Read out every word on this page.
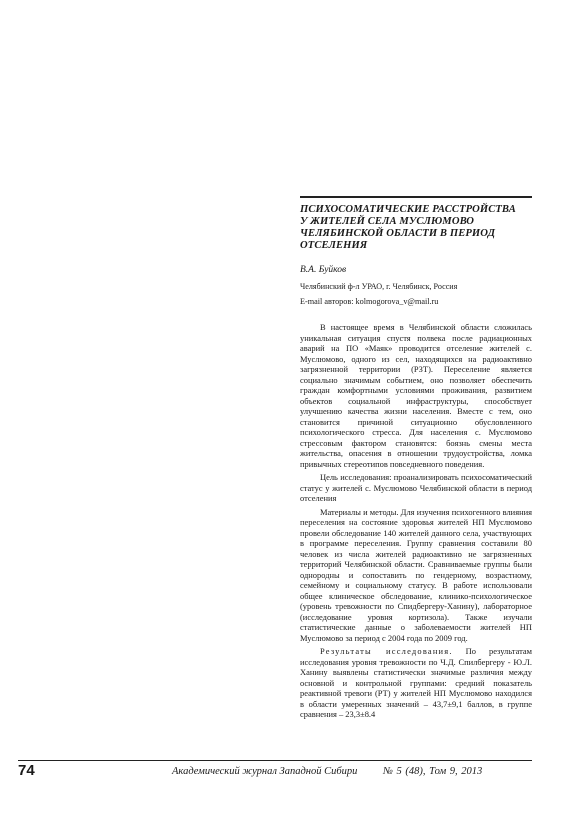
ПСИХОСОМАТИЧЕСКИЕ РАССТРОЙСТВА
У ЖИТЕЛЕЙ СЕЛА МУСЛЮМОВО
ЧЕЛЯБИНСКОЙ ОБЛАСТИ В ПЕРИОД
ОТСЕЛЕНИЯ
В.А. Буйков
Челябинский ф-л УРАО, г. Челябинск, Россия
E-mail авторов: kolmogorova_v@mail.ru

В настоящее время в Челябинской области сложилась уникальная ситуация спустя полвека после радиационных аварий на ПО «Маяк» проводится отселение жителей с. Муслюмово, одного из сел, находящихся на радиоактивно загрязненной территории (РЗТ). Переселение является социально значимым событием, оно позволяет обеспечить граждан комфортными условиями проживания, развитием объектов социальной инфраструктуры, способствует улучшению качества жизни населения. Вместе с тем, оно становится причиной ситуационно обусловленного психологического стресса. Для населения с. Муслюмово стрессовым фактором становятся: боязнь смены места жительства, опасения в отношении трудоустройства, ломка привычных стереотипов повседневного поведения.

Цель исследования: проанализировать психосоматический статус у жителей с. Муслюмово Челябинской области в период отселения

Материалы и методы. Для изучения психогенного влияния переселения на состояние здоровья жителей НП Муслюмово провели обследование 140 жителей данного села, участвующих в программе переселения. Группу сравнения составили 80 человек из числа жителей радиоактивно не загрязненных территорий Челябинской области. Сравниваемые группы были однородны и сопоставить по гендерному, возрастному, семейному и социальному статусу. В работе использовали общее клиническое обследование, клинико-психологическое (уровень тревожности по Спидбергеру-Ханину), лабораторное (исследование уровня кортизола). Также изучали статистические данные о заболеваемости жителей НП Муслюмово за период с 2004 года по 2009 год.

Результаты исследования. По результатам исследования уровня тревожности по Ч.Д. Спилбергеру - Ю.Л. Ханину выявлены статистически значимые различия между основной и контрольной группами: средний показатель реактивной тревоги (РТ) у жителей НП Муслюмово находился в области умеренных значений – 43,7±9,1 баллов, в группе сравнения – 23,3±8.4

74	Академический журнал Западной Сибири № 5 (48), Том 9, 2013
